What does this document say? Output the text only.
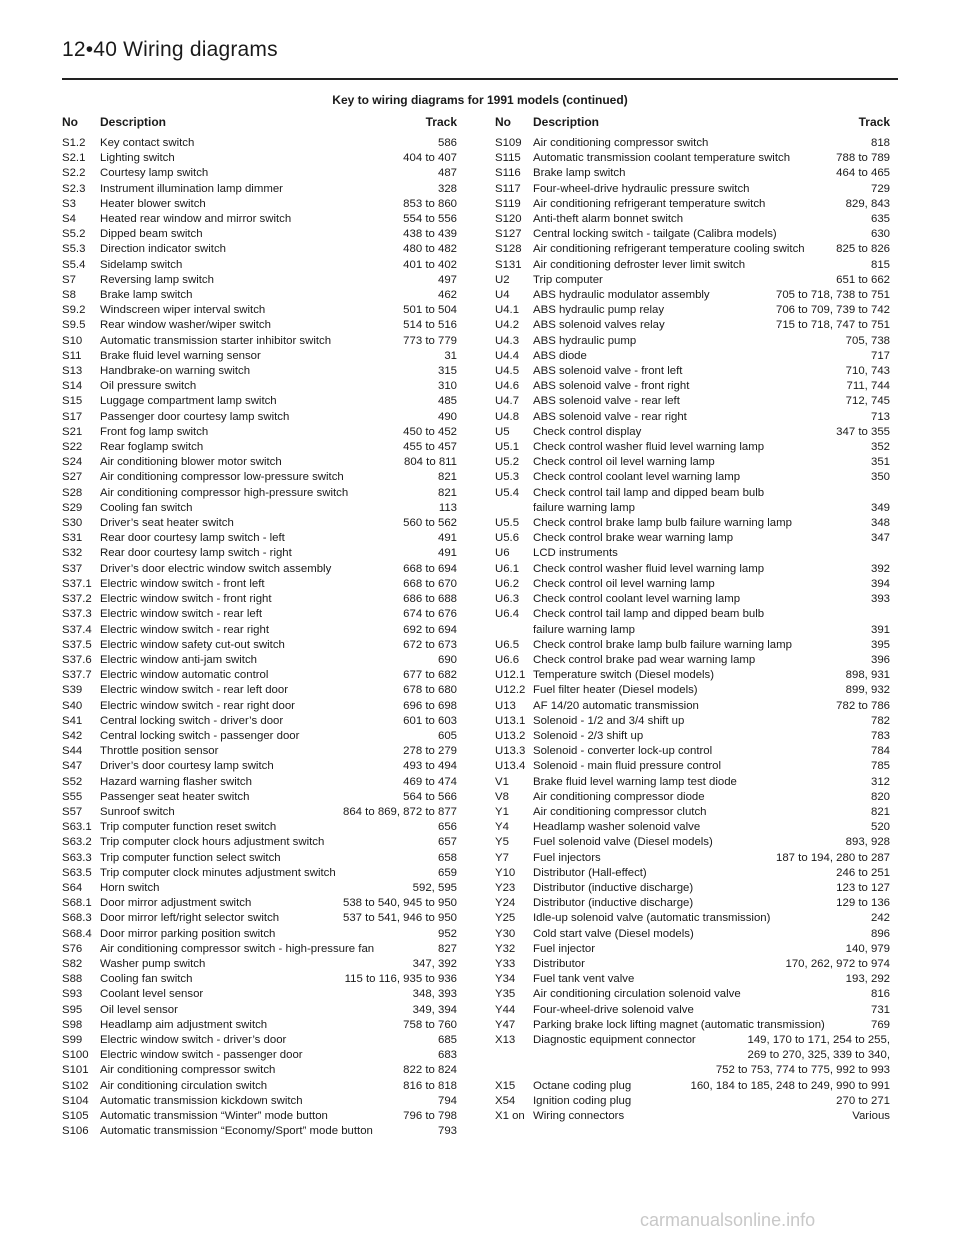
12•40 Wiring diagrams
Key to wiring diagrams for 1991 models (continued)
No	Description	Track
S1.2	Key contact switch	586
S2.1	Lighting switch	404 to 407
S2.2	Courtesy lamp switch	487
S2.3	Instrument illumination lamp dimmer	328
S3	Heater blower switch	853 to 860
S4	Heated rear window and mirror switch	554 to 556
S5.2	Dipped beam switch	438 to 439
S5.3	Direction indicator switch	480 to 482
S5.4	Sidelamp switch	401 to 402
S7	Reversing lamp switch	497
S8	Brake lamp switch	462
S9.2	Windscreen wiper interval switch	501 to 504
S9.5	Rear window washer/wiper switch	514 to 516
S10	Automatic transmission starter inhibitor switch	773 to 779
S11	Brake fluid level warning sensor	31
S13	Handbrake-on warning switch	315
S14	Oil pressure switch	310
S15	Luggage compartment lamp switch	485
S17	Passenger door courtesy lamp switch	490
S21	Front fog lamp switch	450 to 452
S22	Rear foglamp switch	455 to 457
S24	Air conditioning blower motor switch	804 to 811
S27	Air conditioning compressor low-pressure switch	821
S28	Air conditioning compressor high-pressure switch	821
S29	Cooling fan switch	113
S30	Driver’s seat heater switch	560 to 562
S31	Rear door courtesy lamp switch - left	491
S32	Rear door courtesy lamp switch - right	491
S37	Driver’s door electric window switch assembly	668 to 694
S37.1 Electric window switch - front left	668 to 670
S37.2 Electric window switch - front right	686 to 688
S37.3 Electric window switch - rear left	674 to 676
S37.4 Electric window switch - rear right	692 to 694
S37.5 Electric window safety cut-out switch	672 to 673
S37.6 Electric window anti-jam switch	690
S37.7 Electric window automatic control	677 to 682
S39	Electric window switch - rear left door	678 to 680
S40	Electric window switch - rear right door	696 to 698
S41	Central locking switch - driver’s door	601 to 603
S42	Central locking switch - passenger door	605
S44	Throttle position sensor	278 to 279
S47	Driver’s door courtesy lamp switch	493 to 494
S52	Hazard warning flasher switch	469 to 474
S55	Passenger seat heater switch	564 to 566
S57	Sunroof switch	864 to 869, 872 to 877
S63.1 Trip computer function reset switch	656
S63.2 Trip computer clock hours adjustment switch	657
S63.3 Trip computer function select switch	658
S63.5 Trip computer clock minutes adjustment switch	659
S64	Horn switch	592, 595
S68.1 Door mirror adjustment switch	538 to 540, 945 to 950
S68.3 Door mirror left/right selector switch	537 to 541, 946 to 950
S68.4 Door mirror parking position switch	952
S76	Air conditioning compressor switch - high-pressure fan	827
S82	Washer pump switch	347, 392
S88	Cooling fan switch	115 to 116, 935 to 936
S93	Coolant level sensor	348, 393
S95	Oil level sensor	349, 394
S98	Headlamp aim adjustment switch	758 to 760
S99	Electric window switch - driver’s door	685
S100 Electric window switch - passenger door	683
S101 Air conditioning compressor switch	822 to 824
S102 Air conditioning circulation switch	816 to 818
S104 Automatic transmission kickdown switch	794
S105 Automatic transmission “Winter” mode button	796 to 798
S106 Automatic transmission “Economy/Sport” mode button	793
No	Description	Track
S109 Air conditioning compressor switch	818
S115	Automatic transmission coolant temperature switch	788 to 789
S116	Brake lamp switch	464 to 465
S117	Four-wheel-drive hydraulic pressure switch	729
S119	Air conditioning refrigerant temperature switch	829, 843
S120 Anti-theft alarm bonnet switch	635
S127 Central locking switch - tailgate (Calibra models)	630
S128 Air conditioning refrigerant temperature cooling switch	825 to 826
S131 Air conditioning defroster lever limit switch	815
U2	Trip computer	651 to 662
U4	ABS hydraulic modulator assembly	705 to 718, 738 to 751
U4.1	ABS hydraulic pump relay	706 to 709, 739 to 742
U4.2	ABS solenoid valves relay	715 to 718, 747 to 751
U4.3	ABS hydraulic pump	705, 738
U4.4	ABS diode	717
U4.5	ABS solenoid valve - front left	710, 743
U4.6	ABS solenoid valve - front right	711, 744
U4.7	ABS solenoid valve - rear left	712, 745
U4.8	ABS solenoid valve - rear right	713
U5	Check control display	347 to 355
U5.1	Check control washer fluid level warning lamp	352
U5.2	Check control oil level warning lamp	351
U5.3	Check control coolant level warning lamp	350
U5.4	Check control tail lamp and dipped beam bulb
failure warning lamp	349
U5.5	Check control brake lamp bulb failure warning lamp	348
U5.6	Check control brake wear warning lamp	347
U6	LCD instruments
U6.1	Check control washer fluid level warning lamp	392
U6.2	Check control oil level warning lamp	394
U6.3	Check control coolant level warning lamp	393
U6.4	Check control tail lamp and dipped beam bulb
failure warning lamp	391
U6.5	Check control brake lamp bulb failure warning lamp	395
U6.6	Check control brake pad wear warning lamp	396
U12.1 Temperature switch (Diesel models)	898, 931
U12.2 Fuel filter heater (Diesel models)	899, 932
U13	AF 14/20 automatic transmission	782 to 786
U13.1 Solenoid - 1/2 and 3/4 shift up	782
U13.2 Solenoid - 2/3 shift up	783
U13.3 Solenoid - converter lock-up control	784
U13.4 Solenoid - main fluid pressure control	785
V1	Brake fluid level warning lamp test diode	312
V8	Air conditioning compressor diode	820
Y1	Air conditioning compressor clutch	821
Y4	Headlamp washer solenoid valve	520
Y5	Fuel solenoid valve (Diesel models)	893, 928
Y7	Fuel injectors	187 to 194, 280 to 287
Y10	Distributor (Hall-effect)	246 to 251
Y23	Distributor (inductive discharge)	123 to 127
Y24	Distributor (inductive discharge)	129 to 136
Y25	Idle-up solenoid valve (automatic transmission)	242
Y30	Cold start valve (Diesel models)	896
Y32	Fuel injector	140, 979
Y33	Distributor	170, 262, 972 to 974
Y34	Fuel tank vent valve	193, 292
Y35	Air conditioning circulation solenoid valve	816
Y44	Four-wheel-drive solenoid valve	731
Y47	Parking brake lock lifting magnet (automatic transmission)	769
X13	Diagnostic equipment connector	149, 170 to 171, 254 to 255,
269 to 270, 325, 339 to 340,
752 to 753, 774 to 775, 992 to 993
X15	Octane coding plug	160, 184 to 185, 248 to 249, 990 to 991
X54	Ignition coding plug	270 to 271
X1 on Wiring connectors	Various
carmanualsonline.info
